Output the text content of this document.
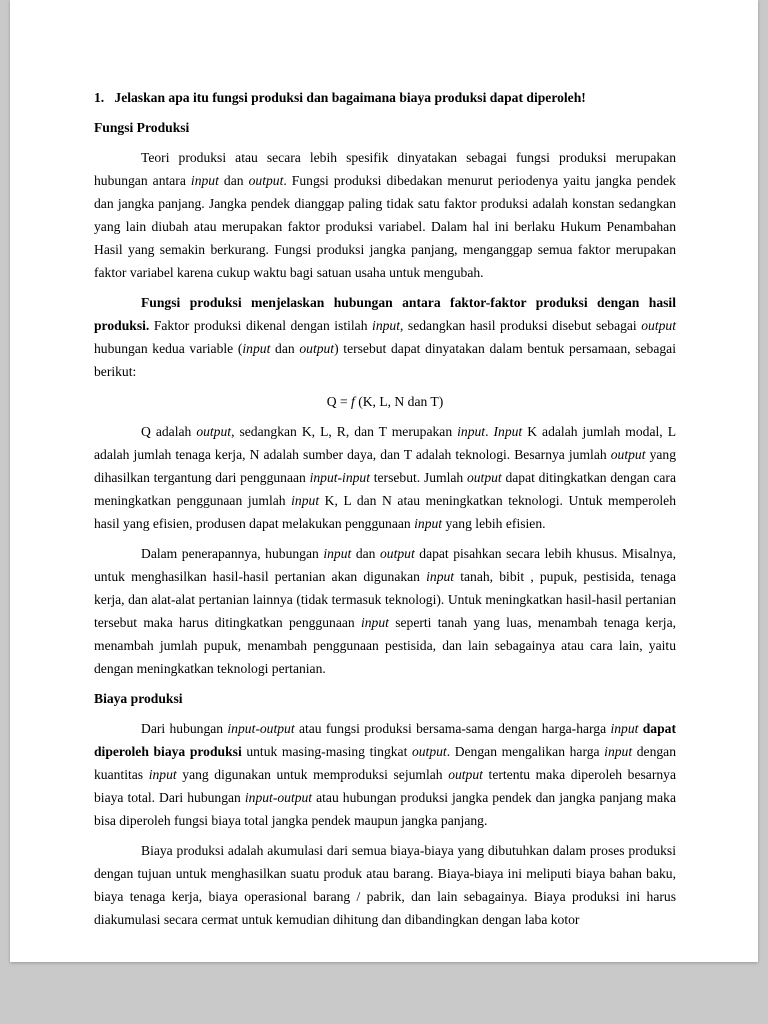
1.   Jelaskan apa itu fungsi produksi dan bagaimana biaya produksi dapat diperoleh!
Fungsi Produksi
Teori produksi atau secara lebih spesifik dinyatakan sebagai fungsi produksi merupakan hubungan antara input dan output. Fungsi produksi dibedakan menurut periodenya yaitu jangka pendek dan jangka panjang. Jangka pendek dianggap paling tidak satu faktor produksi adalah konstan sedangkan yang lain diubah atau merupakan faktor produksi variabel. Dalam hal ini berlaku Hukum Penambahan Hasil yang semakin berkurang. Fungsi produksi jangka panjang, menganggap semua faktor merupakan faktor variabel karena cukup waktu bagi satuan usaha untuk mengubah.
Fungsi produksi menjelaskan hubungan antara faktor-faktor produksi dengan hasil produksi. Faktor produksi dikenal dengan istilah input, sedangkan hasil produksi disebut sebagai output hubungan kedua variable (input dan output) tersebut dapat dinyatakan dalam bentuk persamaan, sebagai berikut:
Q = f (K, L, N dan T)
Q adalah output, sedangkan K, L, R, dan T merupakan input. Input K adalah jumlah modal, L adalah jumlah tenaga kerja, N adalah sumber daya, dan T adalah teknologi. Besarnya jumlah output yang dihasilkan tergantung dari penggunaan input-input tersebut. Jumlah output dapat ditingkatkan dengan cara meningkatkan penggunaan jumlah input K, L dan N atau meningkatkan teknologi. Untuk memperoleh hasil yang efisien, produsen dapat melakukan penggunaan input yang lebih efisien.
Dalam penerapannya, hubungan input dan output dapat pisahkan secara lebih khusus. Misalnya, untuk menghasilkan hasil-hasil pertanian akan digunakan input tanah, bibit , pupuk, pestisida, tenaga kerja, dan alat-alat pertanian lainnya (tidak termasuk teknologi). Untuk meningkatkan hasil-hasil pertanian tersebut maka harus ditingkatkan penggunaan input seperti tanah yang luas, menambah tenaga kerja, menambah jumlah pupuk, menambah penggunaan pestisida, dan lain sebagainya atau cara lain, yaitu dengan meningkatkan teknologi pertanian.
Biaya produksi
Dari hubungan input-output atau fungsi produksi bersama-sama dengan harga-harga input dapat diperoleh biaya produksi untuk masing-masing tingkat output. Dengan mengalikan harga input dengan kuantitas input yang digunakan untuk memproduksi sejumlah output tertentu maka diperoleh besarnya biaya total. Dari hubungan input-output atau hubungan produksi jangka pendek dan jangka panjang maka bisa diperoleh fungsi biaya total jangka pendek maupun jangka panjang.
Biaya produksi adalah akumulasi dari semua biaya-biaya yang dibutuhkan dalam proses produksi dengan tujuan untuk menghasilkan suatu produk atau barang. Biaya-biaya ini meliputi biaya bahan baku, biaya tenaga kerja, biaya operasional barang / pabrik, dan lain sebagainya. Biaya produksi ini harus diakumulasi secara cermat untuk kemudian dihitung dan dibandingkan dengan laba kotor
